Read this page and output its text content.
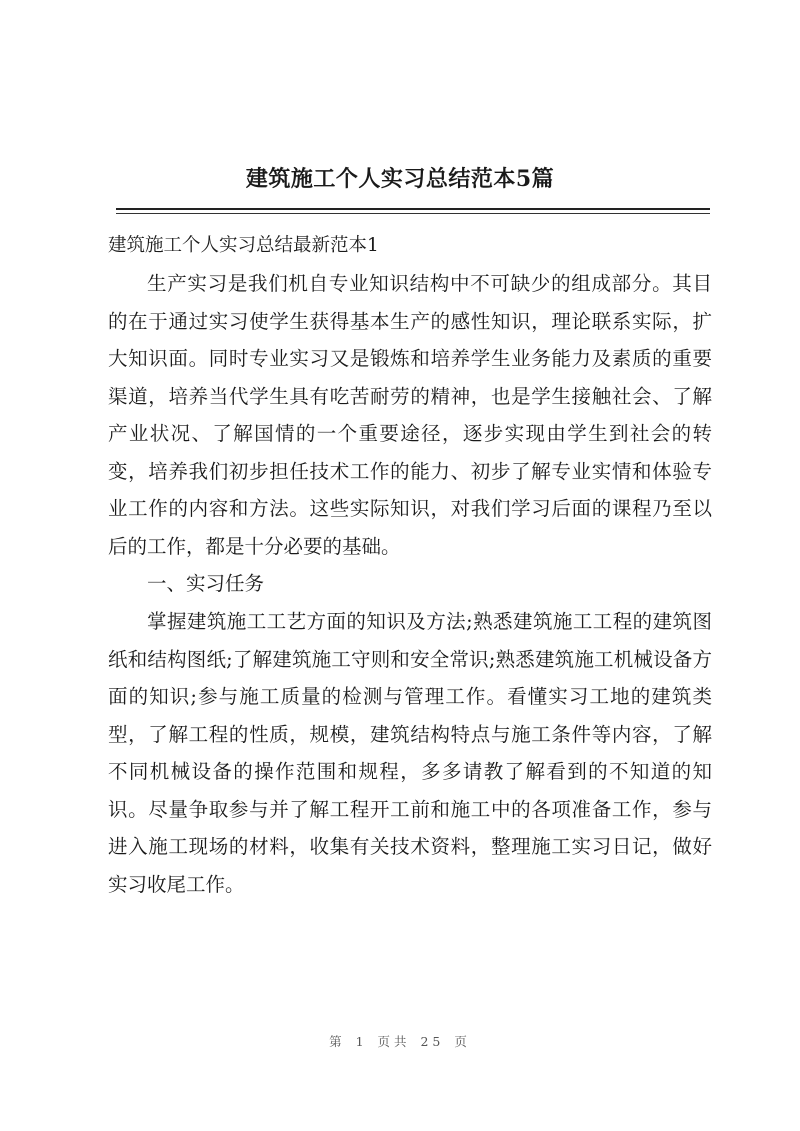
建筑施工个人实习总结范本5篇

建筑施工个人实习总结最新范本1

生产实习是我们机自专业知识结构中不可缺少的组成部分。其目的在于通过实习使学生获得基本生产的感性知识，理论联系实际，扩大知识面。同时专业实习又是锻炼和培养学生业务能力及素质的重要渠道，培养当代学生具有吃苦耐劳的精神，也是学生接触社会、了解产业状况、了解国情的一个重要途径，逐步实现由学生到社会的转变，培养我们初步担任技术工作的能力、初步了解专业实情和体验专业工作的内容和方法。这些实际知识，对我们学习后面的课程乃至以后的工作，都是十分必要的基础。

一、实习任务

掌握建筑施工工艺方面的知识及方法;熟悉建筑施工工程的建筑图纸和结构图纸;了解建筑施工守则和安全常识;熟悉建筑施工机械设备方面的知识;参与施工质量的检测与管理工作。看懂实习工地的建筑类型，了解工程的性质，规模，建筑结构特点与施工条件等内容，了解不同机械设备的操作范围和规程，多多请教了解看到的不知道的知识。尽量争取参与并了解工程开工前和施工中的各项准备工作，参与进入施工现场的材料，收集有关技术资料，整理施工实习日记，做好实习收尾工作。

第 1 页共 25 页
